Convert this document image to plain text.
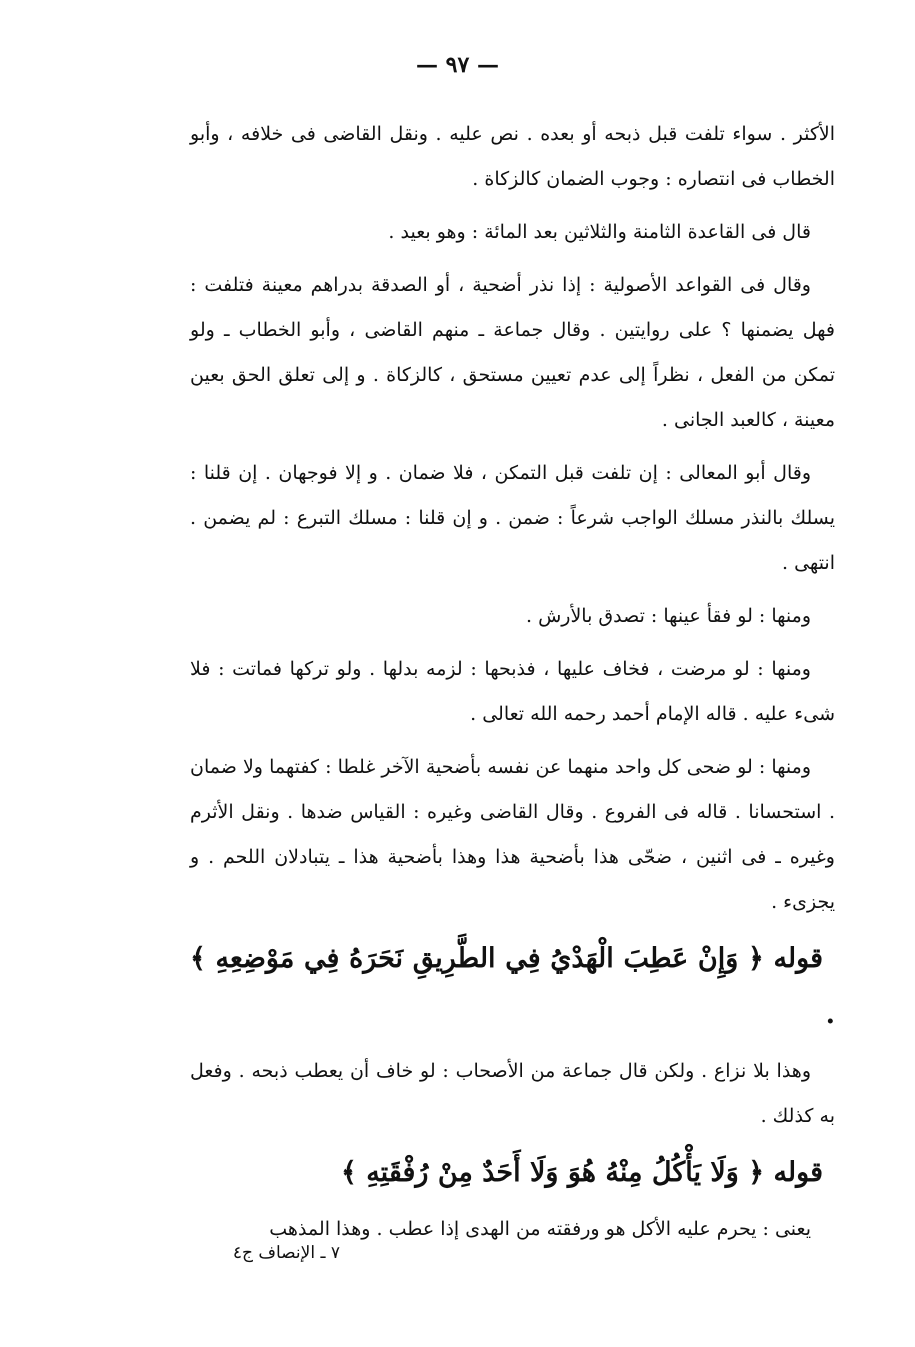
— ٩٧ —

الأكثر . سواء تلفت قبل ذبحه أو بعده . نص عليه . ونقل القاضى فى خلافه ، وأبو الخطاب فى انتصاره : وجوب الضمان كالزكاة .

قال فى القاعدة الثامنة والثلاثين بعد المائة : وهو بعيد .

وقال فى القواعد الأصولية : إذا نذر أضحية ، أو الصدقة بدراهم معينة فتلفت : فهل يضمنها ؟ على روايتين . وقال جماعة ـ منهم القاضى ، وأبو الخطاب ـ ولو تمكن من الفعل ، نظراً إلى عدم تعيين مستحق ، كالزكاة . و إلى تعلق الحق بعين معينة ، كالعبد الجانى .

وقال أبو المعالى : إن تلفت قبل التمكن ، فلا ضمان . و إلا فوجهان . إن قلنا : يسلك بالنذر مسلك الواجب شرعاً : ضمن . و إن قلنا : مسلك التبرع : لم يضمن . انتهى .

ومنها : لو فقأ عينها : تصدق بالأرش .

ومنها : لو مرضت ، فخاف عليها ، فذبحها : لزمه بدلها . ولو تركها فماتت : فلا شىء عليه . قاله الإمام أحمد رحمه الله تعالى .

ومنها : لو ضحى كل واحد منهما عن نفسه بأضحية الآخر غلطا : كفتهما ولا ضمان . استحسانا . قاله فى الفروع . وقال القاضى وغيره : القياس ضدها . ونقل الأثرم وغيره ـ فى اثنين ، ضحّى هذا بأضحية هذا وهذا بأضحية هذا ـ يتبادلان اللحم . و يجزىء .

قوله ﴿ وَإِنْ عَطِبَ الْهَدْيُ فِي الطَّرِيقِ نَحَرَهُ فِي مَوْضِعِهِ ﴾ .

وهذا بلا نزاع . ولكن قال جماعة من الأصحاب : لو خاف أن يعطب ذبحه . وفعل به كذلك .

قوله ﴿ وَلَا يَأْكُلُ مِنْهُ هُوَ وَلَا أَحَدٌ مِنْ رُفْقَتِهِ ﴾

يعنى : يحرم عليه الأكل هو ورفقته من الهدى إذا عطب . وهذا المذهب

٧ ـ الإنصاف ج٤
